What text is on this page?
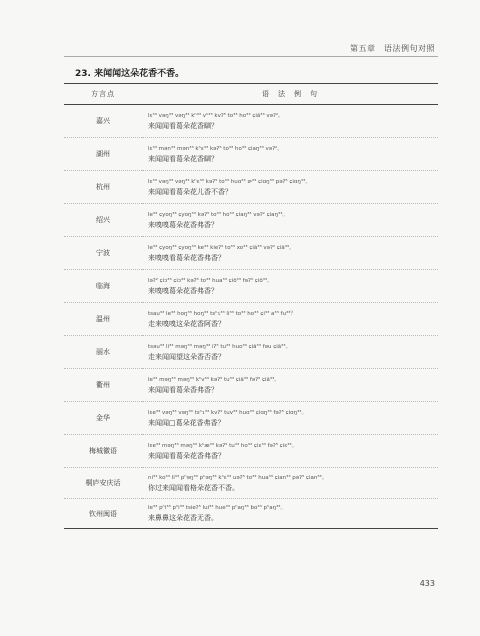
第五章　语法例句对照
23. 来闻闻这朵花香不香。
方言点	语　法　例　句
嘉兴	lɛ³³ vəŋ³³ vəŋ³³ kʰ³³ vʰ³³ kvʔ⁵ to³³ ho³³ ɕiã³³ vəʔ²。
来闻闻看葛朵花香瞓？

湖州	lɛ³³ mən³³ mən³³ kʰɛ³³ kəʔ⁵ to³³ ho³³ ɕiaŋ³³ vəʔ²。
来闻闻看葛朵花香瞓？

杭州	lɛ³³ vəŋ³³ vəŋ³³ kʰɛ³³ kəʔ⁵ to³³ huɑ³³ ɚ³³ ɕiɑŋ³³ pəʔ⁵ ɕiɑŋ³³。
来闻闻看葛朵花儿香不香？

绍兴	le³³ ɕyoŋ³³ ɕyoŋ³³ kəʔ⁵ to³³ ho³³ ɕiaŋ³³ vəʔ² ɕiaŋ³³。
来嗅嗅葛朵花香弗香？

宁波	le³³ ɕyoŋ³³ ɕyoŋ³³ ke³³ kieʔ⁵ to³³ xo³³ ɕiã³³ vəʔ² ɕiã³³。
来嗅嗅看葛朵花香弗香？

临海	ləʔ² ɕiɔ³³ ɕiɔ³³ kəʔ⁵ to³³ hua³³ ɕiõ³³ fəʔ⁵ ɕiõ³³。
来嗅嗅葛朵花香弗香？

温州	tsau³³ le³³ hoŋ³³ hoŋ³³ tsʰɿ³³ li³³ to³³ ho³³ ɕi³³ a³³ fu³³？
走来嗅嗅这朵花香阿香？

丽水	tsəu³³ li³³ məŋ³³ məŋ³³ iʔ⁵ tu³³ huo³³ ɕiã³³ fəu ɕiã³³。
走来闻闻望这朵香否香？

衢州	le³³ məŋ³³ məŋ³³ kʰv³³ kəʔ⁵ tu³³ ɕiã³³ fəʔ⁵ ɕiã³³。
来闻闻看葛朵香弗香？

金华	lɛe³³ vəŋ³³ vəŋ³³ tsʰɿ³³ kvʔ⁵ tuv³³ huɑ³³ ɕiɑŋ³³ fəʔ⁵ ɕiɑŋ³³。
来闻闻□葛朵花香弗香？

梅城徽语	lɛe³³ məŋ³³ məŋ³³ kʰæ³³ kəʔ⁵ tu³³ ho³³ ɕiɛ³³ fəʔ⁵ ɕiɛ³³。
来闻闻看葛朵花香弗香？

桐庐安庆话	ni³³ ko³³ li³³ pʰəŋ³³ pʰəŋ³³ kʰɛ³³ uəʔ⁵ to³³ hua³³ ɕian³³ pəʔ⁵ ɕian³³。
你过来闻闻看格朵花香不香。

钦州闽语	le³³ pʰi³³ pʰi³³ tsieʔ⁵ lui³³ hue³³ pʰaŋ³³ bo³³ pʰaŋ³³。
来鼻鼻这朵花香无香。
433
